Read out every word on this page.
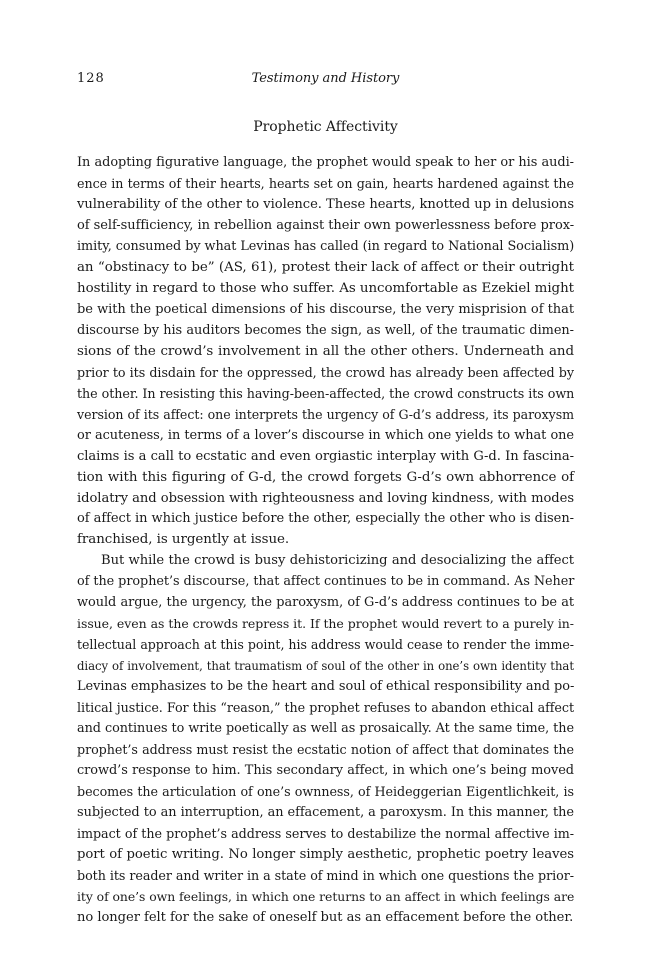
128	Testimony and History
Prophetic Affectivity
In adopting figurative language, the prophet would speak to her or his audi-
ence in terms of their hearts, hearts set on gain, hearts hardened against the
vulnerability of the other to violence. These hearts, knotted up in delusions
of self-sufficiency, in rebellion against their own powerlessness before prox-
imity, consumed by what Levinas has called (in regard to National Socialism)
an “obstinacy to be” (AS, 61), protest their lack of affect or their outright
hostility in regard to those who suffer. As uncomfortable as Ezekiel might
be with the poetical dimensions of his discourse, the very misprision of that
discourse by his auditors becomes the sign, as well, of the traumatic dimen-
sions of the crowd’s involvement in all the other others. Underneath and
prior to its disdain for the oppressed, the crowd has already been affected by
the other. In resisting this having-been-affected, the crowd constructs its own
version of its affect: one interprets the urgency of G-d’s address, its paroxysm
or acuteness, in terms of a lover’s discourse in which one yields to what one
claims is a call to ecstatic and even orgiastic interplay with G-d. In fascina-
tion with this figuring of G-d, the crowd forgets G-d’s own abhorrence of
idolatry and obsession with righteousness and loving kindness, with modes
of affect in which justice before the other, especially the other who is disen-
franchised, is urgently at issue.
But while the crowd is busy dehistoricizing and desocializing the affect
of the prophet’s discourse, that affect continues to be in command. As Neher
would argue, the urgency, the paroxysm, of G-d’s address continues to be at
issue, even as the crowds repress it. If the prophet would revert to a purely in-
tellectual approach at this point, his address would cease to render the imme-
diacy of involvement, that traumatism of soul of the other in one’s own identity that
Levinas emphasizes to be the heart and soul of ethical responsibility and po-
litical justice. For this “reason,” the prophet refuses to abandon ethical affect
and continues to write poetically as well as prosaically. At the same time, the
prophet’s address must resist the ecstatic notion of affect that dominates the
crowd’s response to him. This secondary affect, in which one’s being moved
becomes the articulation of one’s ownness, of Heideggerian Eigentlichkeit, is
subjected to an interruption, an effacement, a paroxysm. In this manner, the
impact of the prophet’s address serves to destabilize the normal affective im-
port of poetic writing. No longer simply aesthetic, prophetic poetry leaves
both its reader and writer in a state of mind in which one questions the prior-
ity of one’s own feelings, in which one returns to an affect in which feelings are
no longer felt for the sake of oneself but as an effacement before the other.
